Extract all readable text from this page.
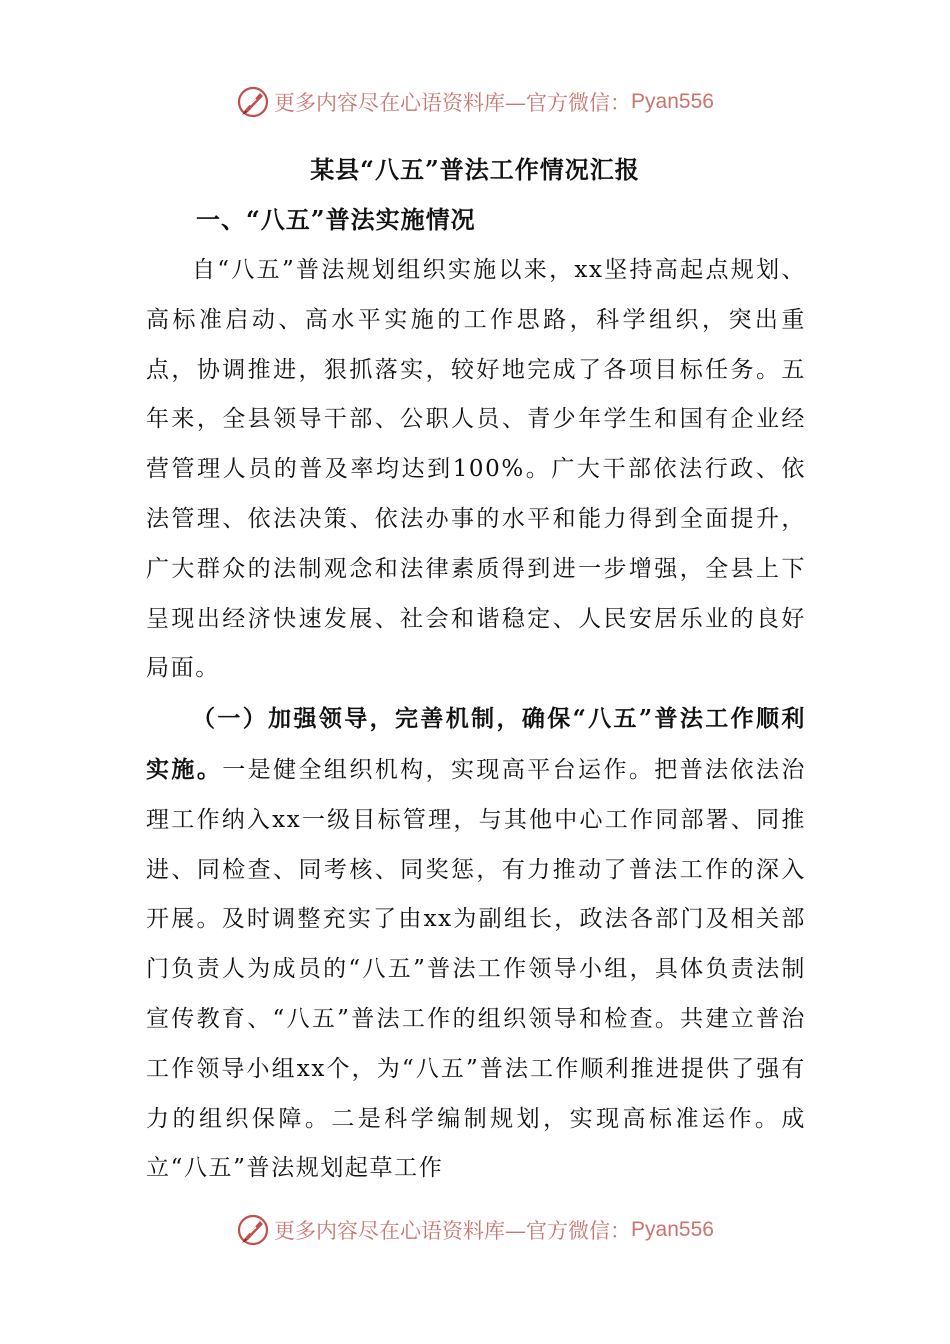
更多内容尽在心语资料库—官方微信： Pyan556
某县“八五”普法工作情况汇报
一、“八五”普法实施情况

自“八五”普法规划组织实施以来，xx坚持高起点规划、高标准启动、高水平实施的工作思路，科学组织，突出重点，协调推进，狠抓落实，较好地完成了各项目标任务。五年来，全县领导干部、公职人员、青少年学生和国有企业经营管理人员的普及率均达到100%。广大干部依法行政、依法管理、依法决策、依法办事的水平和能力得到全面提升，广大群众的法制观念和法律素质得到进一步增强，全县上下呈现出经济快速发展、社会和谐稳定、人民安居乐业的良好局面。

（一）加强领导，完善机制，确保“八五”普法工作顺利实施。一是健全组织机构，实现高平台运作。把普法依法治理工作纳入xx一级目标管理，与其他中心工作同部署、同推进、同检查、同考核、同奖惩，有力推动了普法工作的深入开展。及时调整充实了由xx为副组长，政法各部门及相关部门负责人为成员的“八五”普法工作领导小组，具体负责法制宣传教育、“八五”普法工作的组织领导和检查。共建立普治工作领导小组xx个，为“八五”普法工作顺利推进提供了强有力的组织保障。二是科学编制规划，实现高标准运作。成立“八五”普法规划起草工作

更多内容尽在心语资料库—官方微信： Pyan556
